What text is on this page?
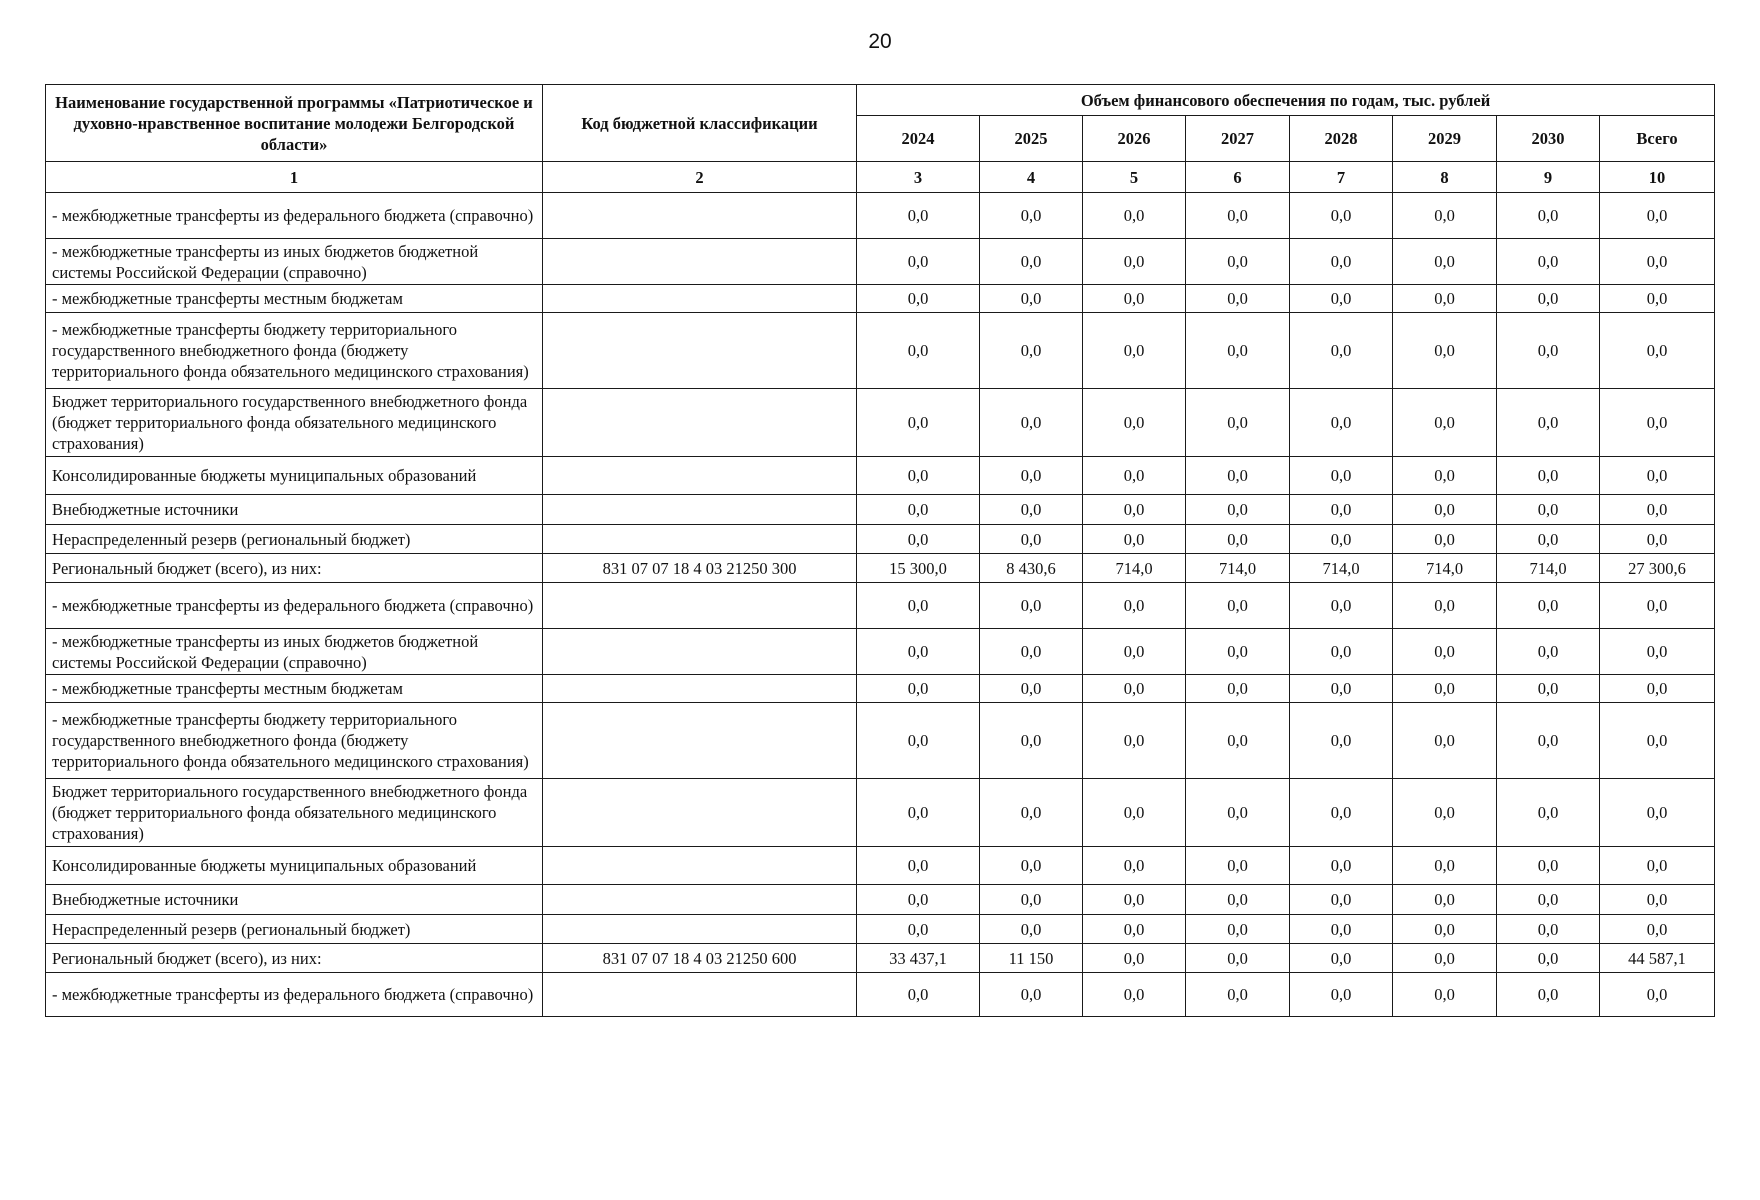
20
Наименование государственной программы «Патриотическое и духовно-нравственное воспитание молодежи Белгородской области»	Код бюджетной классификации	Объем финансового обеспечения по годам, тыс. рублей							
		2024	2025	2026	2027	2028	2029	2030	Всего
1	2	3	4	5	6	7	8	9	10
- межбюджетные трансферты из федерального бюджета (справочно)		0,0	0,0	0,0	0,0	0,0	0,0	0,0	0,0
- межбюджетные трансферты из иных бюджетов бюджетной системы Российской Федерации (справочно)		0,0	0,0	0,0	0,0	0,0	0,0	0,0	0,0
- межбюджетные трансферты местным бюджетам		0,0	0,0	0,0	0,0	0,0	0,0	0,0	0,0
- межбюджетные трансферты бюджету территориального государственного внебюджетного фонда (бюджету территориального фонда обязательного медицинского страхования)		0,0	0,0	0,0	0,0	0,0	0,0	0,0	0,0
Бюджет территориального государственного внебюджетного фонда (бюджет территориального фонда обязательного медицинского страхования)		0,0	0,0	0,0	0,0	0,0	0,0	0,0	0,0
Консолидированные бюджеты муниципальных образований		0,0	0,0	0,0	0,0	0,0	0,0	0,0	0,0
Внебюджетные источники		0,0	0,0	0,0	0,0	0,0	0,0	0,0	0,0
Нераспределенный резерв (региональный бюджет)		0,0	0,0	0,0	0,0	0,0	0,0	0,0	0,0
Региональный бюджет (всего), из них:	831 07 07 18 4 03 21250 300	15 300,0	8 430,6	714,0	714,0	714,0	714,0	714,0	27 300,6
- межбюджетные трансферты из федерального бюджета (справочно)		0,0	0,0	0,0	0,0	0,0	0,0	0,0	0,0
- межбюджетные трансферты из иных бюджетов бюджетной системы Российской Федерации (справочно)		0,0	0,0	0,0	0,0	0,0	0,0	0,0	0,0
- межбюджетные трансферты местным бюджетам		0,0	0,0	0,0	0,0	0,0	0,0	0,0	0,0
- межбюджетные трансферты бюджету территориального государственного внебюджетного фонда (бюджету территориального фонда обязательного медицинского страхования)		0,0	0,0	0,0	0,0	0,0	0,0	0,0	0,0
Бюджет территориального государственного внебюджетного фонда (бюджет территориального фонда обязательного медицинского страхования)		0,0	0,0	0,0	0,0	0,0	0,0	0,0	0,0
Консолидированные бюджеты муниципальных образований		0,0	0,0	0,0	0,0	0,0	0,0	0,0	0,0
Внебюджетные источники		0,0	0,0	0,0	0,0	0,0	0,0	0,0	0,0
Нераспределенный резерв (региональный бюджет)		0,0	0,0	0,0	0,0	0,0	0,0	0,0	0,0
Региональный бюджет (всего), из них:	831 07 07 18 4 03 21250 600	33 437,1	11 150	0,0	0,0	0,0	0,0	0,0	44 587,1
- межбюджетные трансферты из федерального бюджета (справочно)		0,0	0,0	0,0	0,0	0,0	0,0	0,0	0,0
